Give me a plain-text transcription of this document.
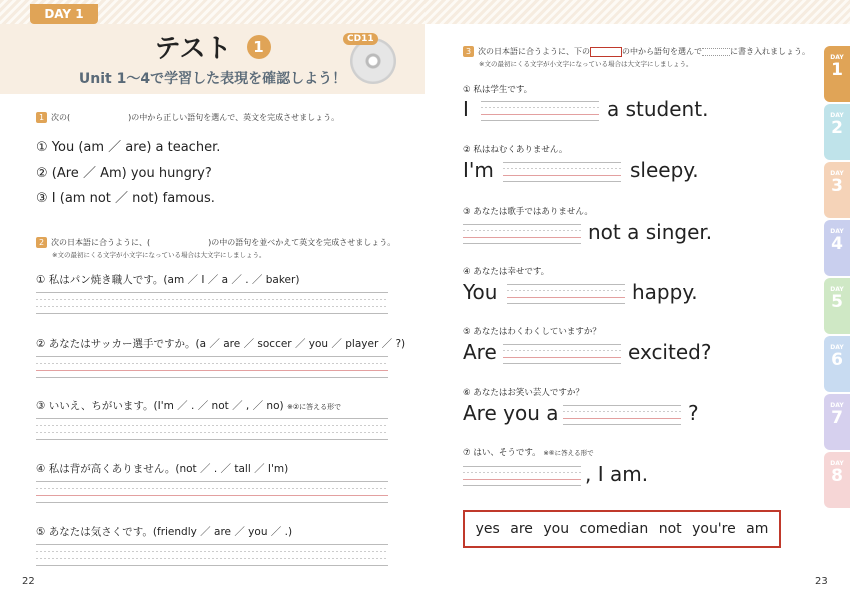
DAY 1
テスト 1	CD11
Unit 1～4で学習した表現を確認しよう！
1 次の(	)の中から正しい語句を選んで、英文を完成させましょう。
① You (am ／ are) a teacher.
② (Are ／ Am) you hungry?
③ I (am not ／ not) famous.
2 次の日本語に合うように、(	)の中の語句を並べかえて英文を完成させましょう。
※文の最初にくる文字が小文字になっている場合は大文字にしましょう。
① 私はパン焼き職人です。(am ／ I ／ a ／ . ／ baker)
② あなたはサッカー選手ですか。(a ／ are ／ soccer ／ you ／ player ／ ?)
③ いいえ、ちがいます。(I'm ／ . ／ not ／ , ／ no) ※②に答える形で
④ 私は背が高くありません。(not ／ . ／ tall ／ I'm)
⑤ あなたは気さくです。(friendly ／ are ／ you ／ .)
22
3 次の日本語に合うように、下の	の中から語句を選んで	に書き入れましょう。
※文の最初にくる文字が小文字になっている場合は大文字にしましょう。
① 私は学生です。
I	a student.
② 私はねむくありません。
I'm	sleepy.
③ あなたは歌手ではありません。
not a singer.
④ あなたは幸せです。
You	happy.
⑤ あなたはわくわくしていますか？
Are	excited?
⑥ あなたはお笑い芸人ですか？
Are you a	?
⑦ はい、そうです。 ※⑥に答える形で
, I am.
yes are you comedian not you're am
23
DAY
1
DAY
2
DAY
3
DAY
4
DAY
5
DAY
6
DAY
7
DAY
8
